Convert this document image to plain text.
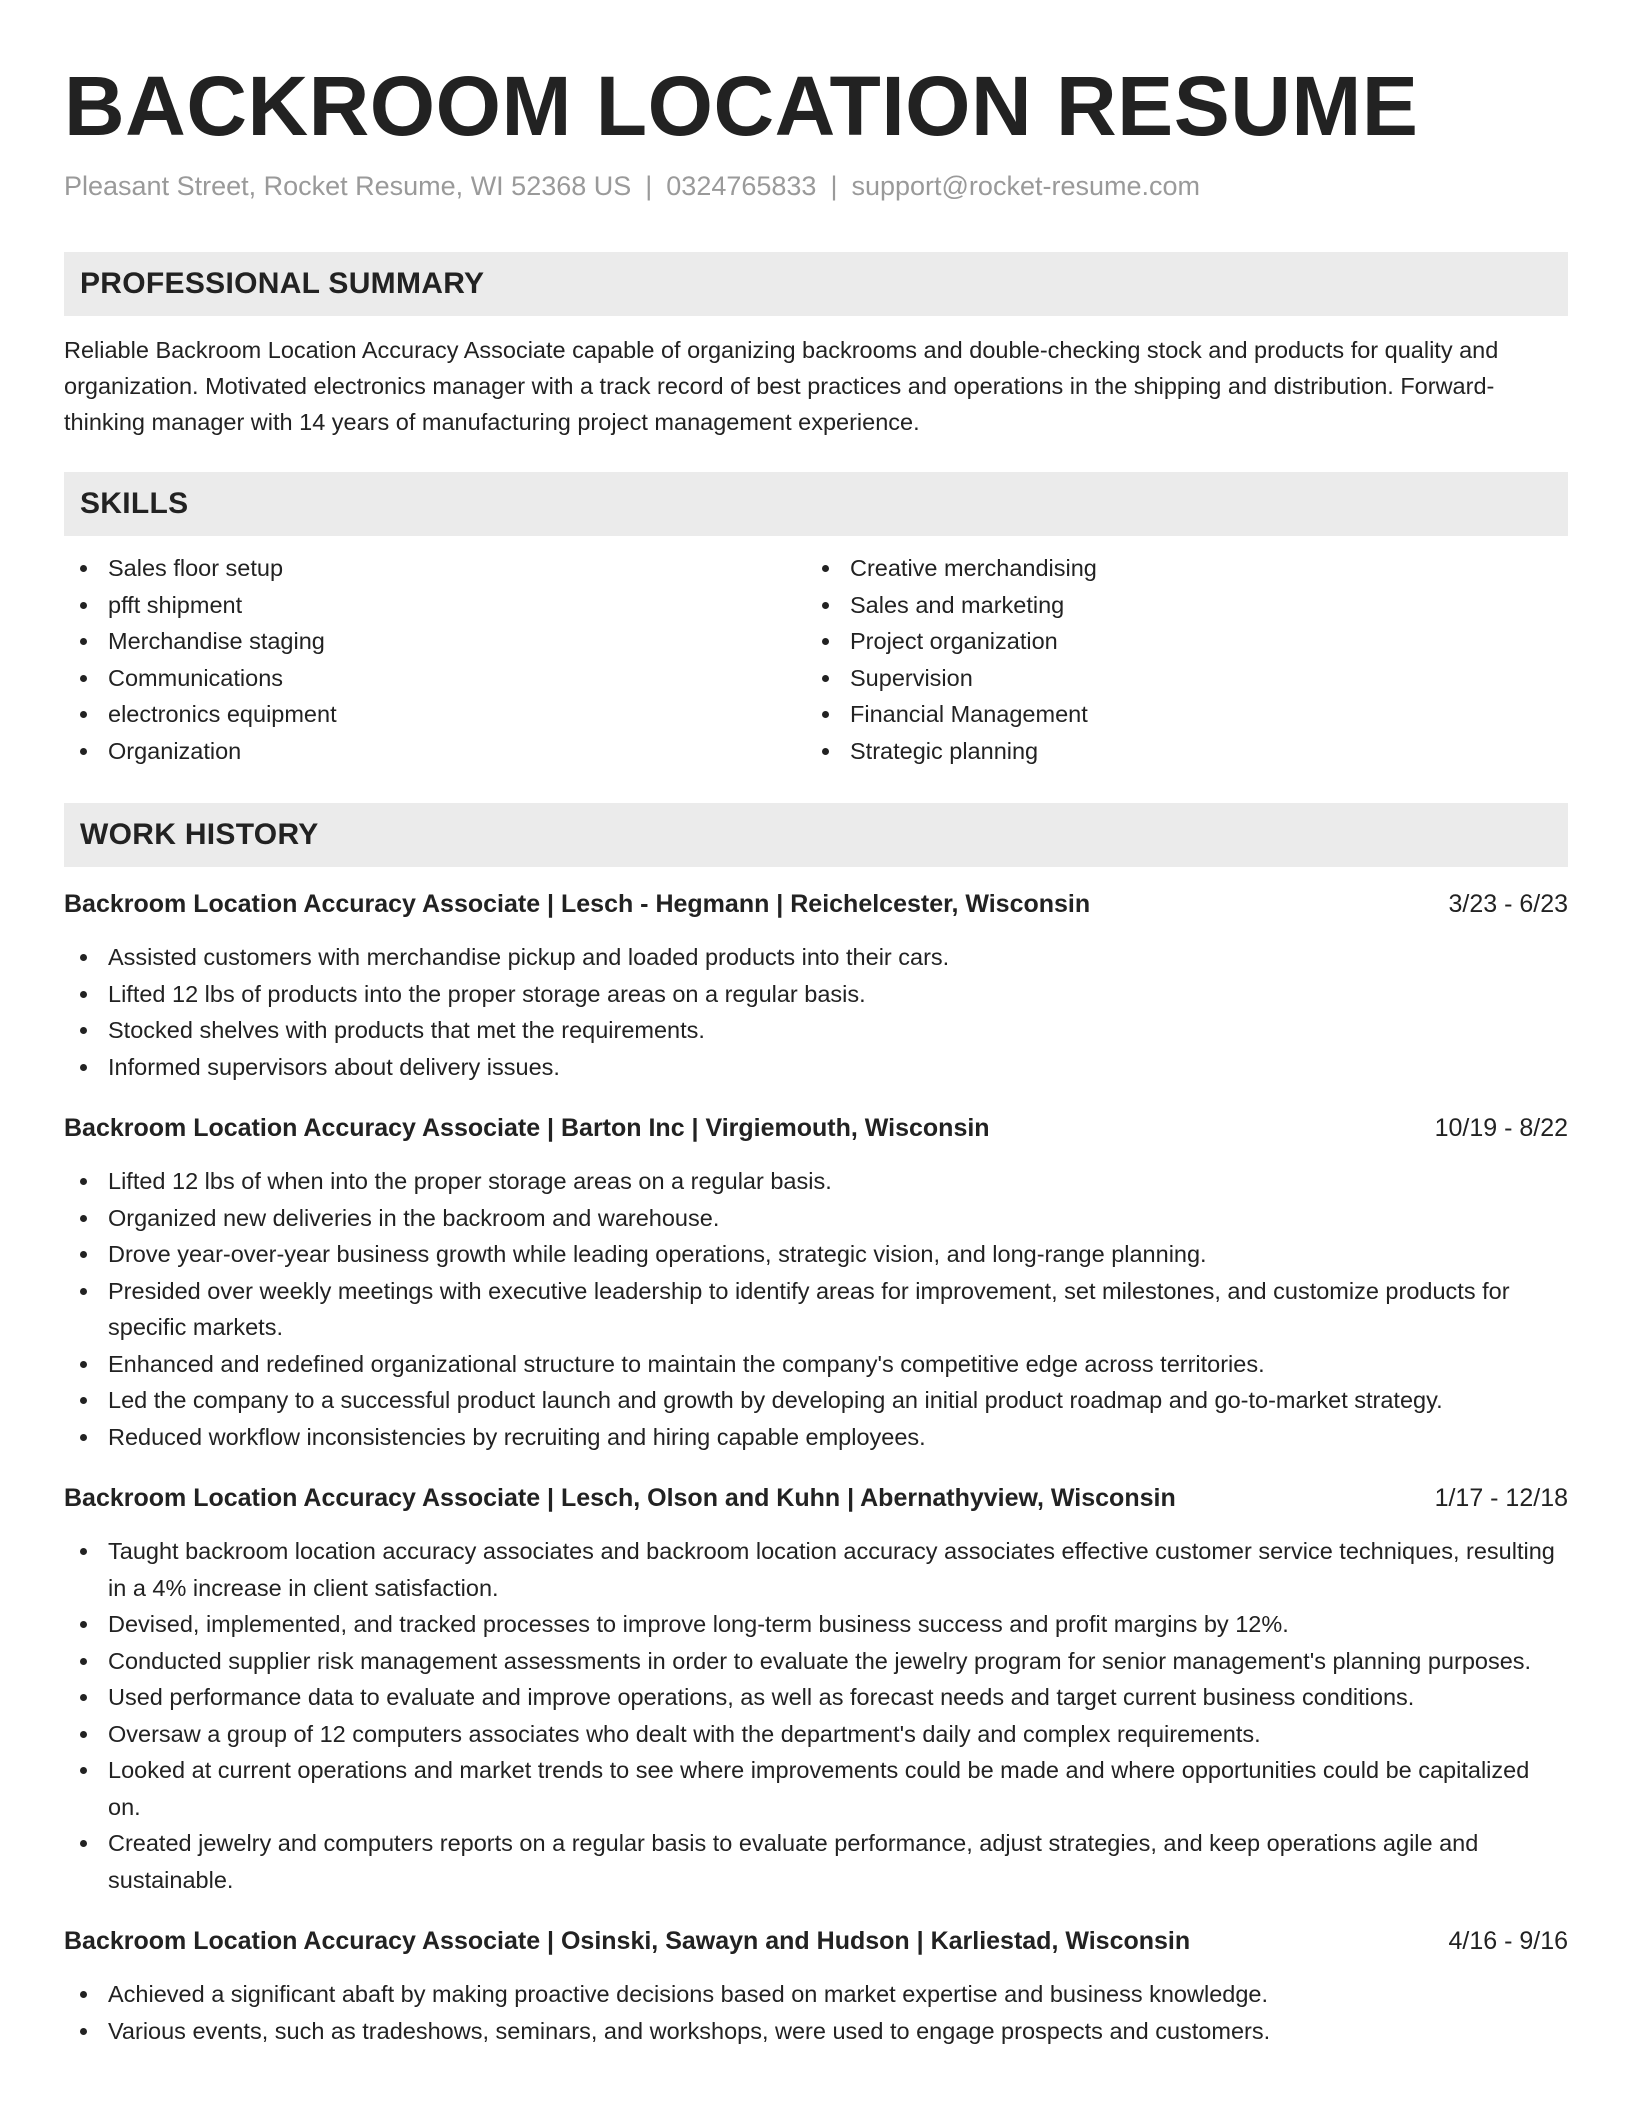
BACKROOM LOCATION RESUME
Pleasant Street, Rocket Resume, WI 52368 US | 0324765833 | support@rocket-resume.com
PROFESSIONAL SUMMARY
Reliable Backroom Location Accuracy Associate capable of organizing backrooms and double-checking stock and products for quality and organization. Motivated electronics manager with a track record of best practices and operations in the shipping and distribution. Forward-thinking manager with 14 years of manufacturing project management experience.
SKILLS
Sales floor setup
pfft shipment
Merchandise staging
Communications
electronics equipment
Organization
Creative merchandising
Sales and marketing
Project organization
Supervision
Financial Management
Strategic planning
WORK HISTORY
Backroom Location Accuracy Associate | Lesch - Hegmann | Reichelcester, Wisconsin	3/23 - 6/23
Assisted customers with merchandise pickup and loaded products into their cars.
Lifted 12 lbs of products into the proper storage areas on a regular basis.
Stocked shelves with products that met the requirements.
Informed supervisors about delivery issues.
Backroom Location Accuracy Associate | Barton Inc | Virgiemouth, Wisconsin	10/19 - 8/22
Lifted 12 lbs of when into the proper storage areas on a regular basis.
Organized new deliveries in the backroom and warehouse.
Drove year-over-year business growth while leading operations, strategic vision, and long-range planning.
Presided over weekly meetings with executive leadership to identify areas for improvement, set milestones, and customize products for specific markets.
Enhanced and redefined organizational structure to maintain the company's competitive edge across territories.
Led the company to a successful product launch and growth by developing an initial product roadmap and go-to-market strategy.
Reduced workflow inconsistencies by recruiting and hiring capable employees.
Backroom Location Accuracy Associate | Lesch, Olson and Kuhn | Abernathyview, Wisconsin	1/17 - 12/18
Taught backroom location accuracy associates and backroom location accuracy associates effective customer service techniques, resulting in a 4% increase in client satisfaction.
Devised, implemented, and tracked processes to improve long-term business success and profit margins by 12%.
Conducted supplier risk management assessments in order to evaluate the jewelry program for senior management's planning purposes.
Used performance data to evaluate and improve operations, as well as forecast needs and target current business conditions.
Oversaw a group of 12 computers associates who dealt with the department's daily and complex requirements.
Looked at current operations and market trends to see where improvements could be made and where opportunities could be capitalized on.
Created jewelry and computers reports on a regular basis to evaluate performance, adjust strategies, and keep operations agile and sustainable.
Backroom Location Accuracy Associate | Osinski, Sawayn and Hudson | Karliestad, Wisconsin	4/16 - 9/16
Achieved a significant abaft by making proactive decisions based on market expertise and business knowledge.
Various events, such as tradeshows, seminars, and workshops, were used to engage prospects and customers.
